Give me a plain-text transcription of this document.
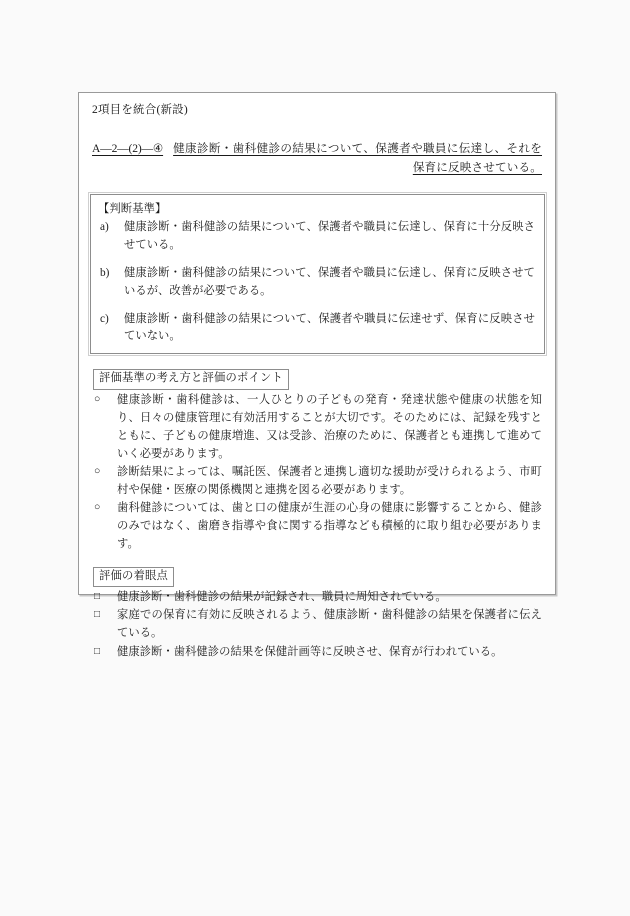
2項目を統合(新設)
A—2—(2)—④ 健康診断・歯科健診の結果について、保護者や職員に伝達し、それを保育に反映させている。
【判断基準】
a)	健康診断・歯科健診の結果について、保護者や職員に伝達し、保育に十分反映させている。
b)	健康診断・歯科健診の結果について、保護者や職員に伝達し、保育に反映させているが、改善が必要である。
c)	健康診断・歯科健診の結果について、保護者や職員に伝達せず、保育に反映させていない。
評価基準の考え方と評価のポイント
○	健康診断・歯科健診は、一人ひとりの子どもの発育・発達状態や健康の状態を知り、日々の健康管理に有効活用することが大切です。そのためには、記録を残すとともに、子どもの健康増進、又は受診、治療のために、保護者とも連携して進めていく必要があります。
○	診断結果によっては、嘱託医、保護者と連携し適切な援助が受けられるよう、市町村や保健・医療の関係機関と連携を図る必要があります。
○	歯科健診については、歯と口の健康が生涯の心身の健康に影響することから、健診のみではなく、歯磨き指導や食に関する指導なども積極的に取り組む必要があります。
評価の着眼点
□	健康診断・歯科健診の結果が記録され、職員に周知されている。
□	家庭での保育に有効に反映されるよう、健康診断・歯科健診の結果を保護者に伝えている。
□	健康診断・歯科健診の結果を保健計画等に反映させ、保育が行われている。
